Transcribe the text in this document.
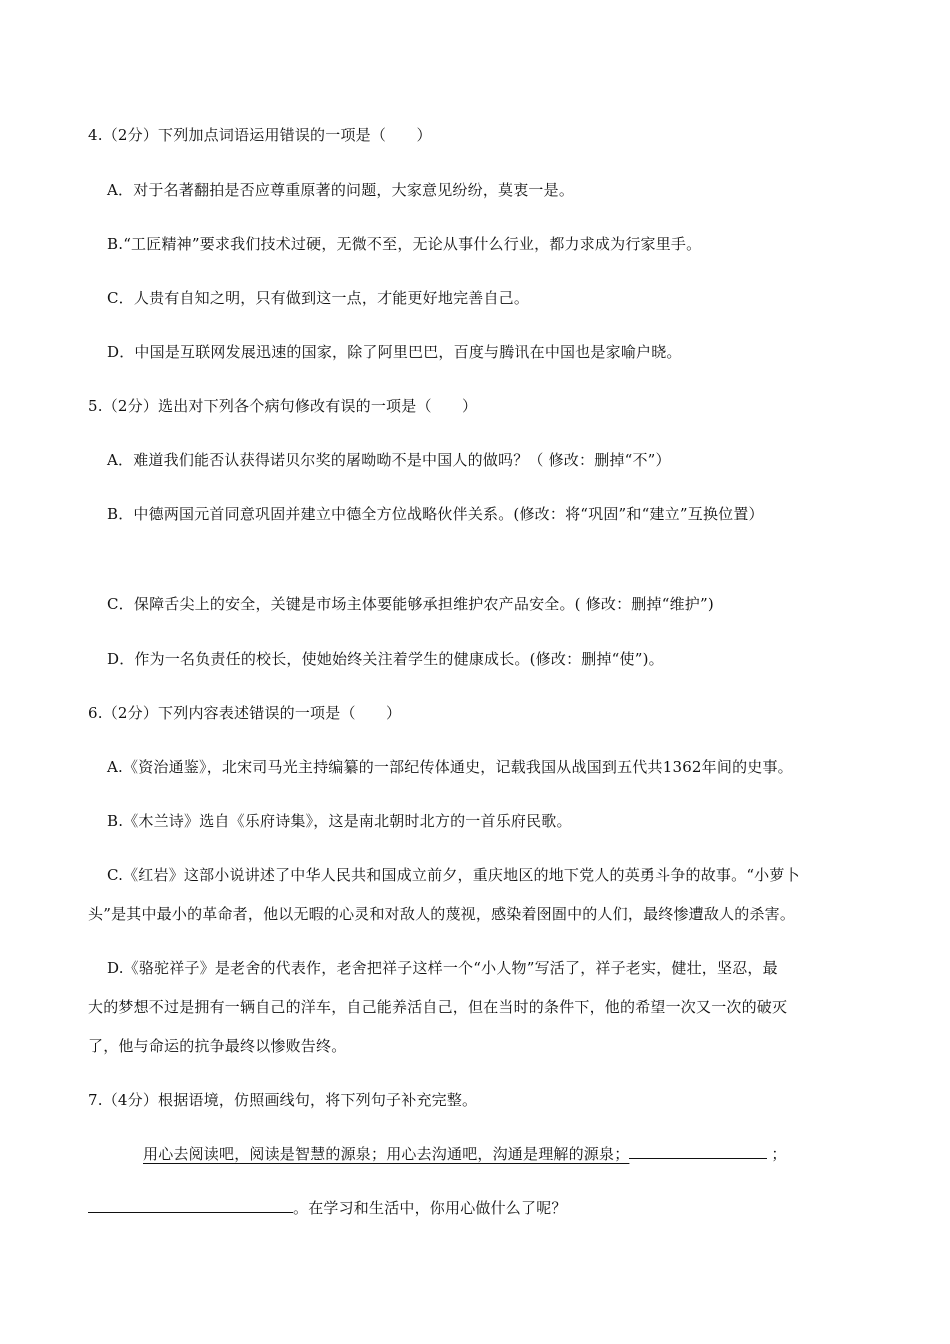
4.（2分）下列加点词语运用错误的一项是（　　）
A．对于名著翻拍是否应尊重原著的问题，大家意见纷纷，莫衷一是。
B.“工匠精神”要求我们技术过硬，无微不至，无论从事什么行业，都力求成为行家里手。
C．人贵有自知之明，只有做到这一点，才能更好地完善自己。
D．中国是互联网发展迅速的国家，除了阿里巴巴，百度与腾讯在中国也是家喻户晓。
5.（2分）选出对下列各个病句修改有误的一项是（　　）
A．难道我们能否认获得诺贝尔奖的屠呦呦不是中国人的做吗？（ 修改：删掉“不”）
B．中德两国元首同意巩固并建立中德全方位战略伙伴关系。(修改：将“巩固”和“建立”互换位置）
C．保障舌尖上的安全，关键是市场主体要能够承担维护农产品安全。( 修改：删掉“维护”)
D．作为一名负责任的校长，使她始终关注着学生的健康成长。(修改：删掉“使”)。
6.（2分）下列内容表述错误的一项是（　　）
A.《资治通鉴》，北宋司马光主持编纂的一部纪传体通史，记载我国从战国到五代共1362年间的史事。
B.《木兰诗》选自《乐府诗集》，这是南北朝时北方的一首乐府民歌。
C.《红岩》这部小说讲述了中华人民共和国成立前夕，重庆地区的地下党人的英勇斗争的故事。“小萝卜
头”是其中最小的革命者，他以无暇的心灵和对敌人的蔑视，感染着囹圄中的人们，最终惨遭敌人的杀害。
D.《骆驼祥子》是老舍的代表作，老舍把祥子这样一个“小人物”写活了，祥子老实，健壮，坚忍，最
大的梦想不过是拥有一辆自己的洋车，自己能养活自己，但在当时的条件下，他的希望一次又一次的破灭
了，他与命运的抗争最终以惨败告终。
7.（4分）根据语境，仿照画线句，将下列句子补充完整。
用心去阅读吧，阅读是智慧的源泉；用心去沟通吧，沟通是理解的源泉；	；
。在学习和生活中，你用心做什么了呢？
